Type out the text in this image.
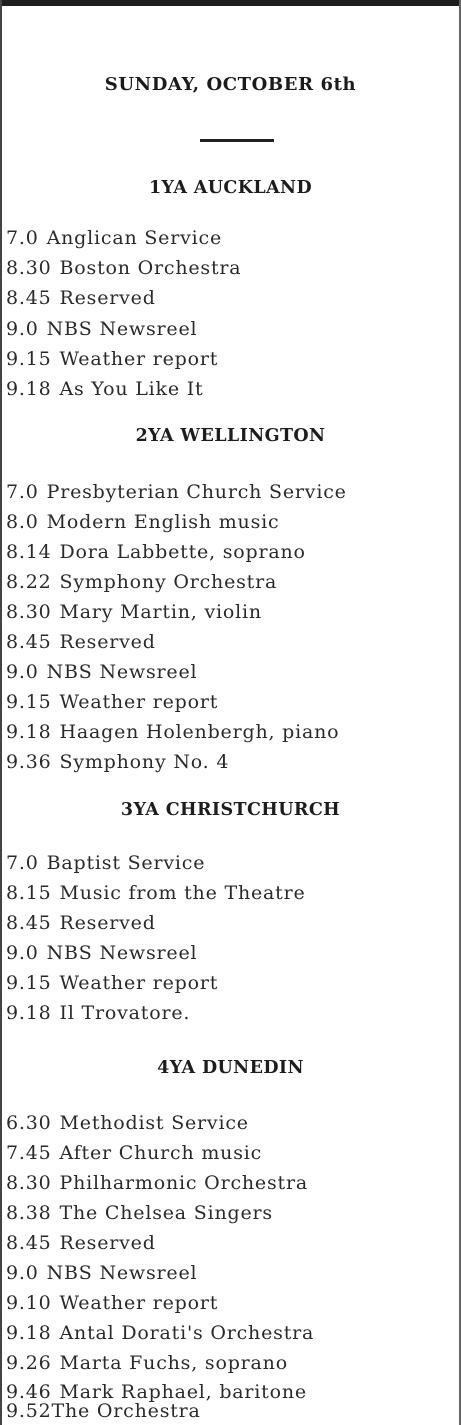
SUNDAY, OCTOBER 6th
1YA AUCKLAND
7.0 Anglican Service
8.30 Boston Orchestra
8.45 Reserved
9.0 NBS Newsreel
9.15 Weather report
9.18 As You Like It
2YA WELLINGTON
7.0 Presbyterian Church Service
8.0 Modern English music
8.14 Dora Labbette, soprano
8.22 Symphony Orchestra
8.30 Mary Martin, violin
8.45 Reserved
9.0 NBS Newsreel
9.15 Weather report
9.18 Haagen Holenbergh, piano
9.36 Symphony No. 4
3YA CHRISTCHURCH
7.0 Baptist Service
8.15 Music from the Theatre
8.45 Reserved
9.0 NBS Newsreel
9.15 Weather report
9.18 Il Trovatore.
4YA DUNEDIN
6.30 Methodist Service
7.45 After Church music
8.30 Philharmonic Orchestra
8.38 The Chelsea Singers
8.45 Reserved
9.0 NBS Newsreel
9.10 Weather report
9.18 Antal Dorati's Orchestra
9.26 Marta Fuchs, soprano
9.46 Mark Raphael, baritone
9.52The Orchestra
